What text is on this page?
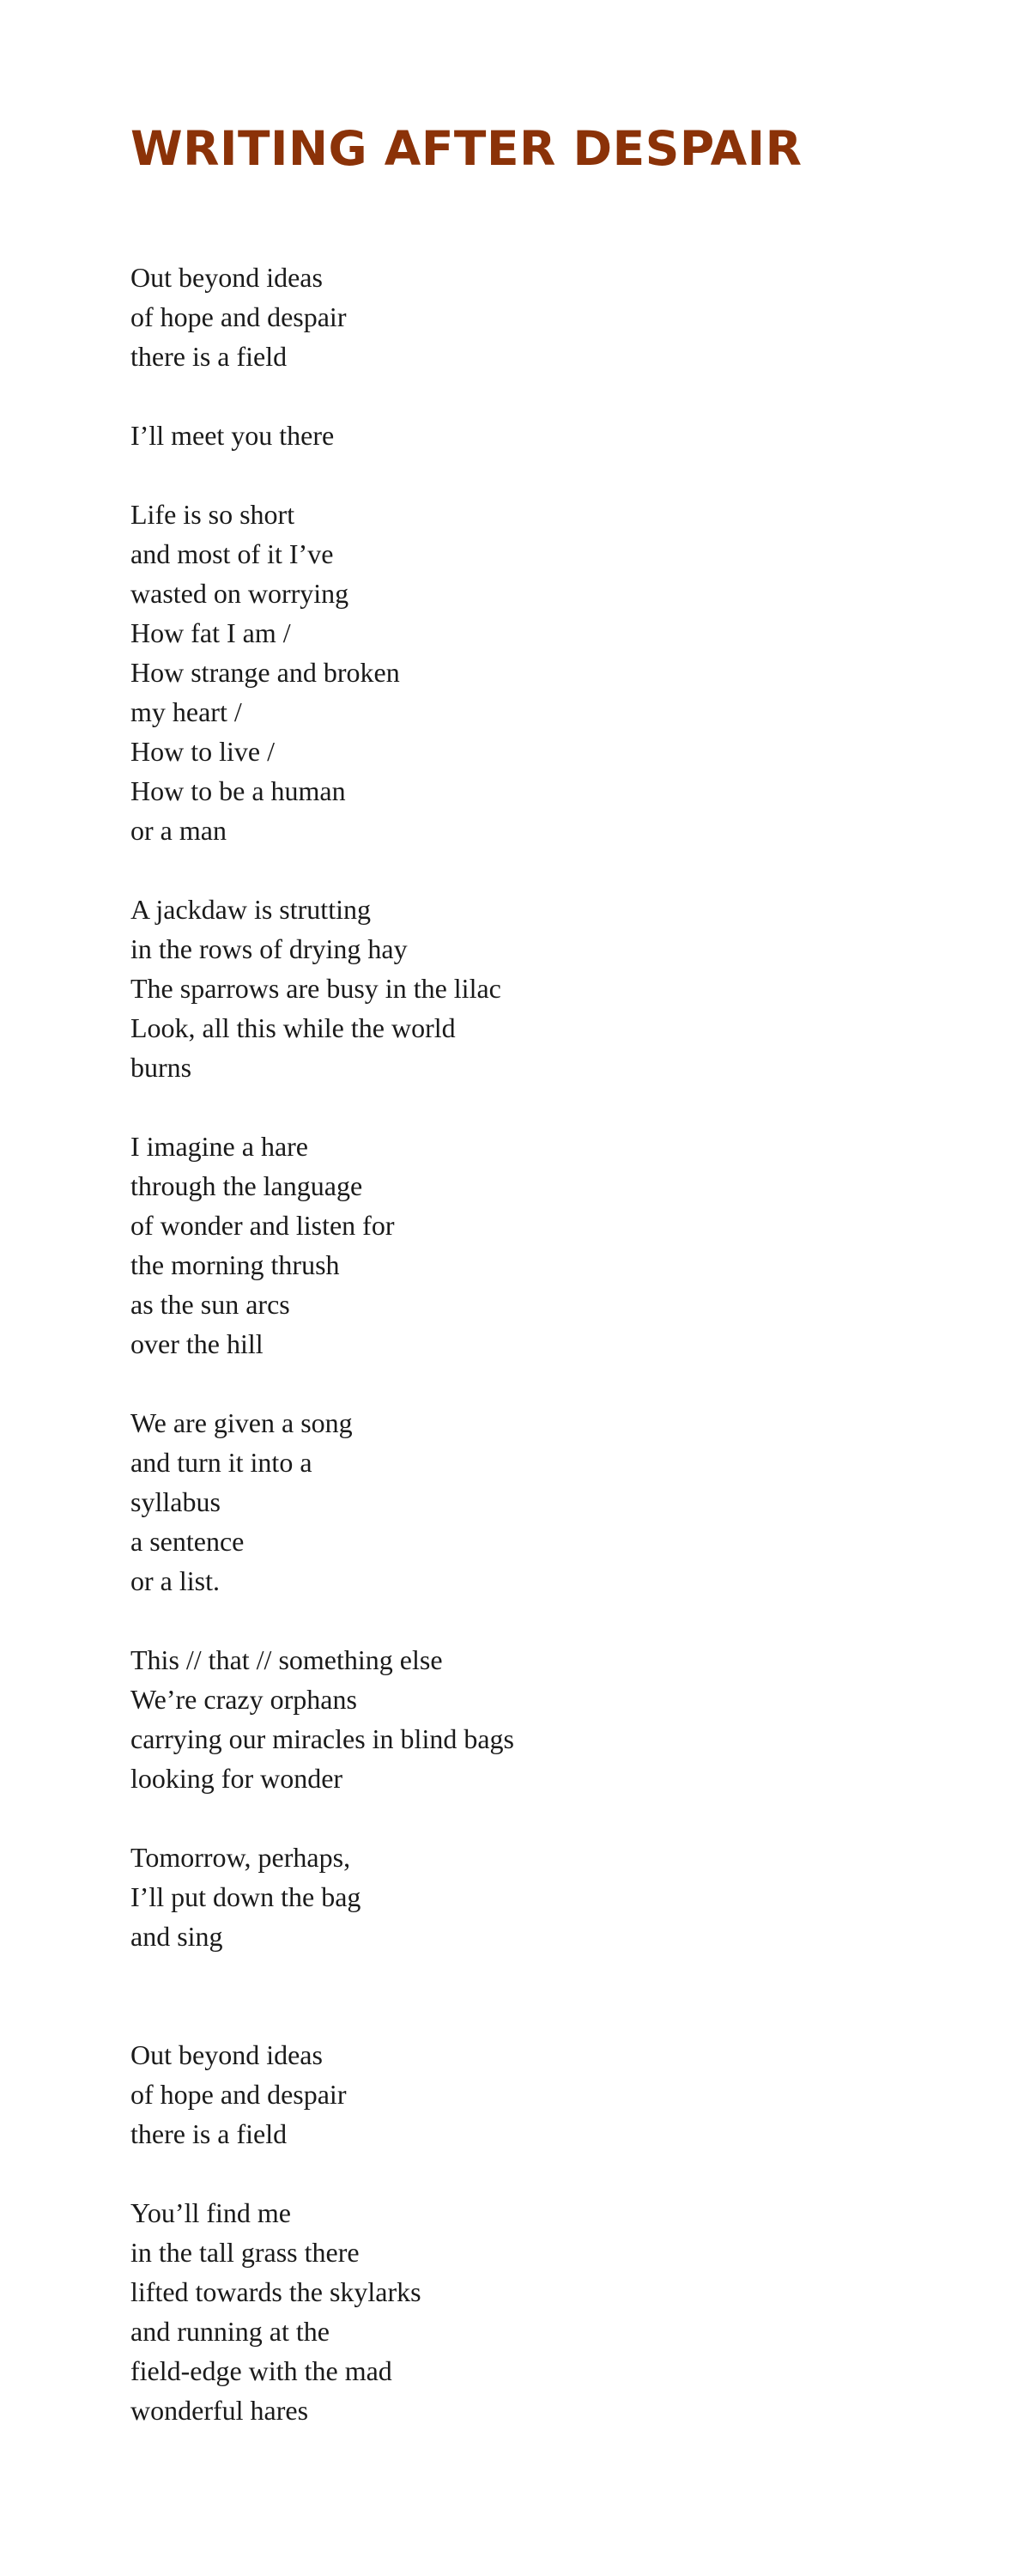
WRITING AFTER DESPAIR
Out beyond ideas
of hope and despair
there is a field
I’ll meet you there
Life is so short
and most of it I’ve
wasted on worrying
How fat I am /
How strange and broken
my heart /
How to live /
How to be a human
or a man
A jackdaw is strutting
in the rows of drying hay
The sparrows are busy in the lilac
Look, all this while the world
burns
I imagine a hare
through the language
of wonder and listen for
the morning thrush
as the sun arcs
over the hill
We are given a song
and turn it into a
syllabus
a sentence
or a list.
This // that // something else
We’re crazy orphans
carrying our miracles in blind bags
looking for wonder
Tomorrow, perhaps,
I’ll put down the bag
and sing
Out beyond ideas
of hope and despair
there is a field
You’ll find me
in the tall grass there
lifted towards the skylarks
and running at the
field-edge with the mad
wonderful hares
